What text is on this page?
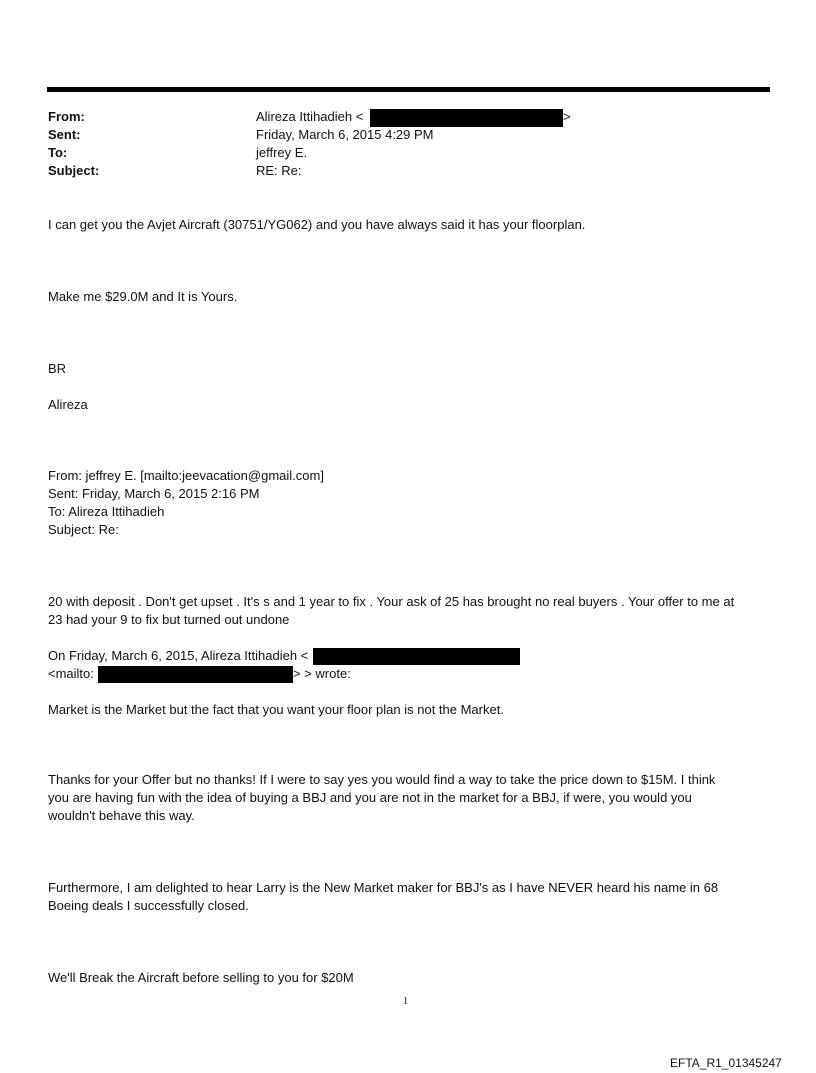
From:	Alireza Ittihadieh <	>
Sent:	Friday, March 6, 2015 4:29 PM
To:	jeffrey E.
Subject:	RE: Re:
I can get you the Avjet Aircraft (30751/YG062) and you have always said it has your floorplan.
Make me $29.0M and It is Yours.
BR
Alireza
From: jeffrey E. [mailto:jeevacation@gmail.com]
Sent: Friday, March 6, 2015 2:16 PM
To: Alireza Ittihadieh
Subject: Re:
20 with deposit . Don't get upset . It's s and 1 year to fix . Your ask of 25 has brought no real buyers . Your offer to me at
23 had your 9 to fix but turned out undone
On Friday, March 6, 2015, Alireza Ittihadieh <
<mailto:	> > wrote:
Market is the Market but the fact that you want your floor plan is not the Market.
Thanks for your Offer but no thanks! If I were to say yes you would find a way to take the price down to $15M. I think
you are having fun with the idea of buying a BBJ and you are not in the market for a BBJ, if were, you would you
wouldn't behave this way.
Furthermore, I am delighted to hear Larry is the New Market maker for BBJ's as I have NEVER heard his name in 68
Boeing deals I successfully closed.
We'll Break the Aircraft before selling to you for $20M
1
EFTA_R1_01345247
